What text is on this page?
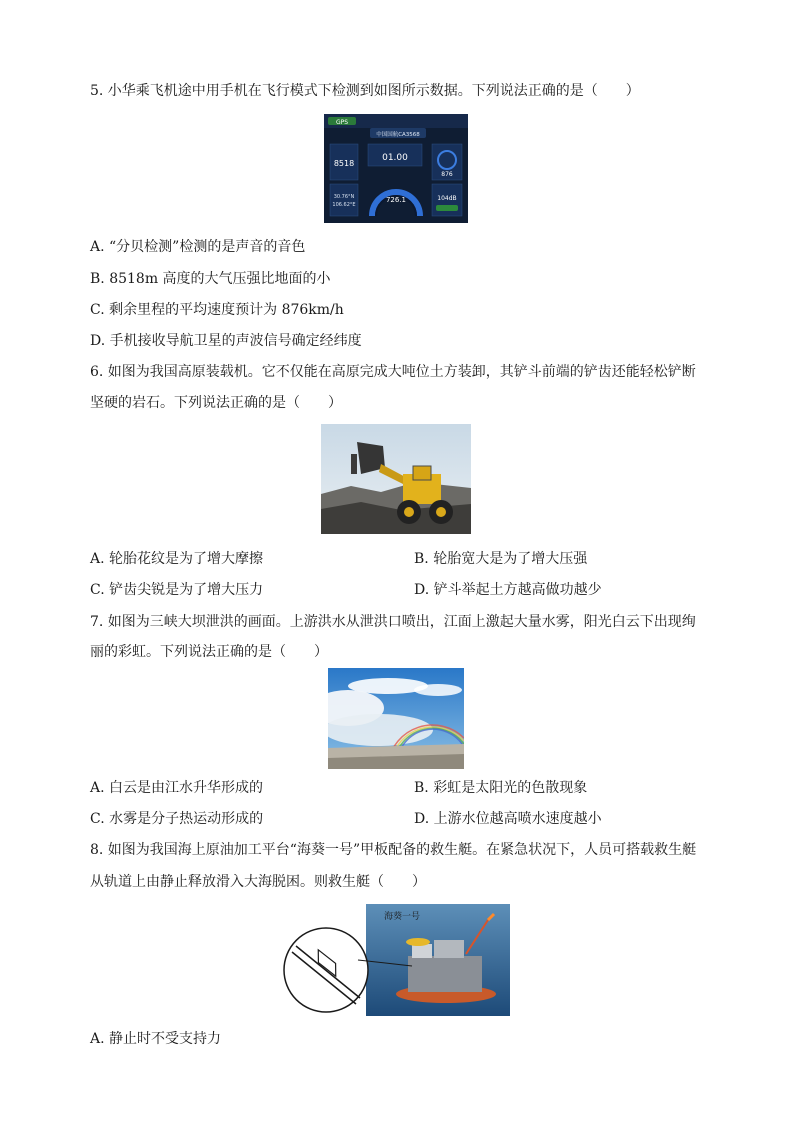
5. 小华乘飞机途中用手机在飞行模式下检测到如图所示数据。下列说法正确的是（　　）
GPS
中国国航CA3568
8518
30.76°N
106.62°E
01.00
726.1
876
104dB
A. “分贝检测”检测的是声音的音色
B. 8518m 高度的大气压强比地面的小
C. 剩余里程的平均速度预计为 876km/h
D. 手机接收导航卫星的声波信号确定经纬度
6. 如图为我国高原装载机。它不仅能在高原完成大吨位土方装卸，其铲斗前端的铲齿还能轻松铲断
坚硬的岩石。下列说法正确的是（　　）
A. 轮胎花纹是为了增大摩擦	B. 轮胎宽大是为了增大压强
C. 铲齿尖锐是为了增大压力	D. 铲斗举起土方越高做功越少
7. 如图为三峡大坝泄洪的画面。上游洪水从泄洪口喷出，江面上激起大量水雾，阳光白云下出现绚
丽的彩虹。下列说法正确的是（　　）
A. 白云是由江水升华形成的	B. 彩虹是太阳光的色散现象
C. 水雾是分子热运动形成的	D. 上游水位越高喷水速度越小
8. 如图为我国海上原油加工平台“海葵一号”甲板配备的救生艇。在紧急状况下，人员可搭载救生艇
从轨道上由静止释放滑入大海脱困。则救生艇（　　）
海葵一号
A. 静止时不受支持力
